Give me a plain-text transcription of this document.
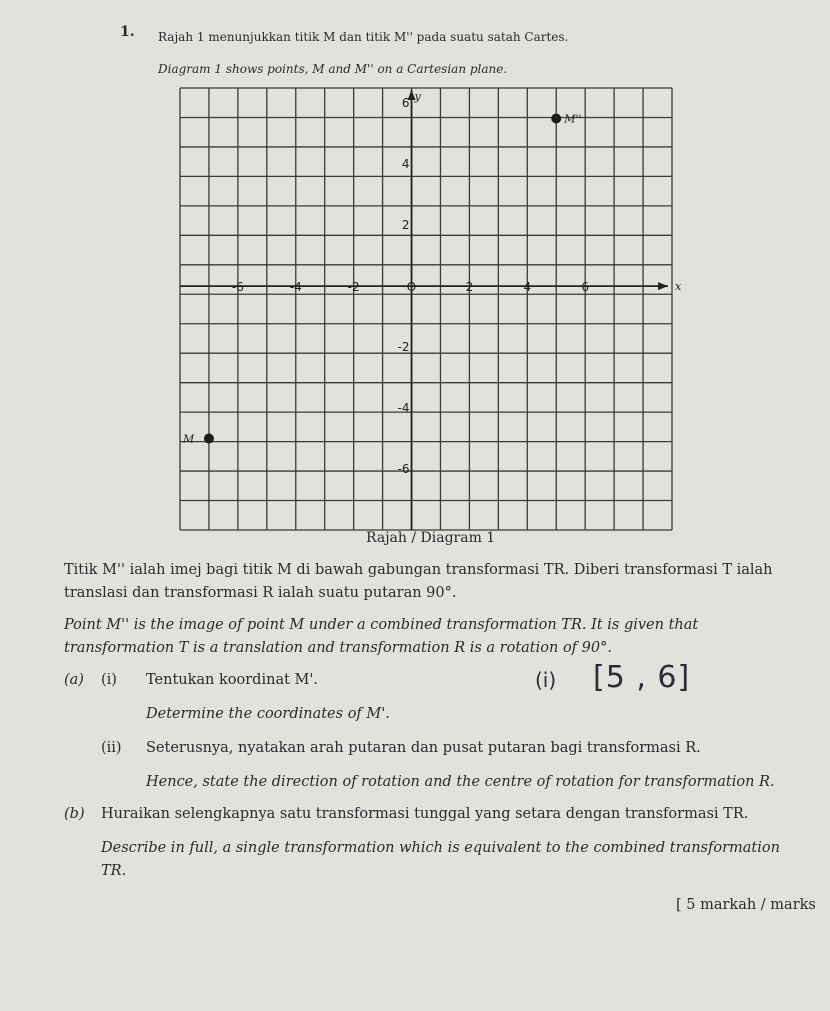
1. Rajah 1 menunjukkan titik M dan titik M'' pada suatu satah Cartes.
Diagram 1 shows points, M and M'' on a Cartesian plane.
x
y
-6	-4	-2	O	2	4	6
6
4
2
-2
-4
-6
M
M''
Rajah / Diagram 1
Titik M'' ialah imej bagi titik M di bawah gabungan transformasi TR. Diberi transformasi T ialah
translasi dan transformasi R ialah suatu putaran 90°.
Point M'' is the image of point M under a combined transformation TR. It is given that
transformation T is a translation and transformation R is a rotation of 90°.
(a) (i) Tentukan koordinat M'.
Determine the coordinates of M'.
(i) [5 , 6]
(ii) Seterusnya, nyatakan arah putaran dan pusat putaran bagi transformasi R.
Hence, state the direction of rotation and the centre of rotation for transformation R.
(b) Huraikan selengkapnya satu transformasi tunggal yang setara dengan transformasi TR.
Describe in full, a single transformation which is equivalent to the combined transformation
TR.
[ 5 markah / marks
